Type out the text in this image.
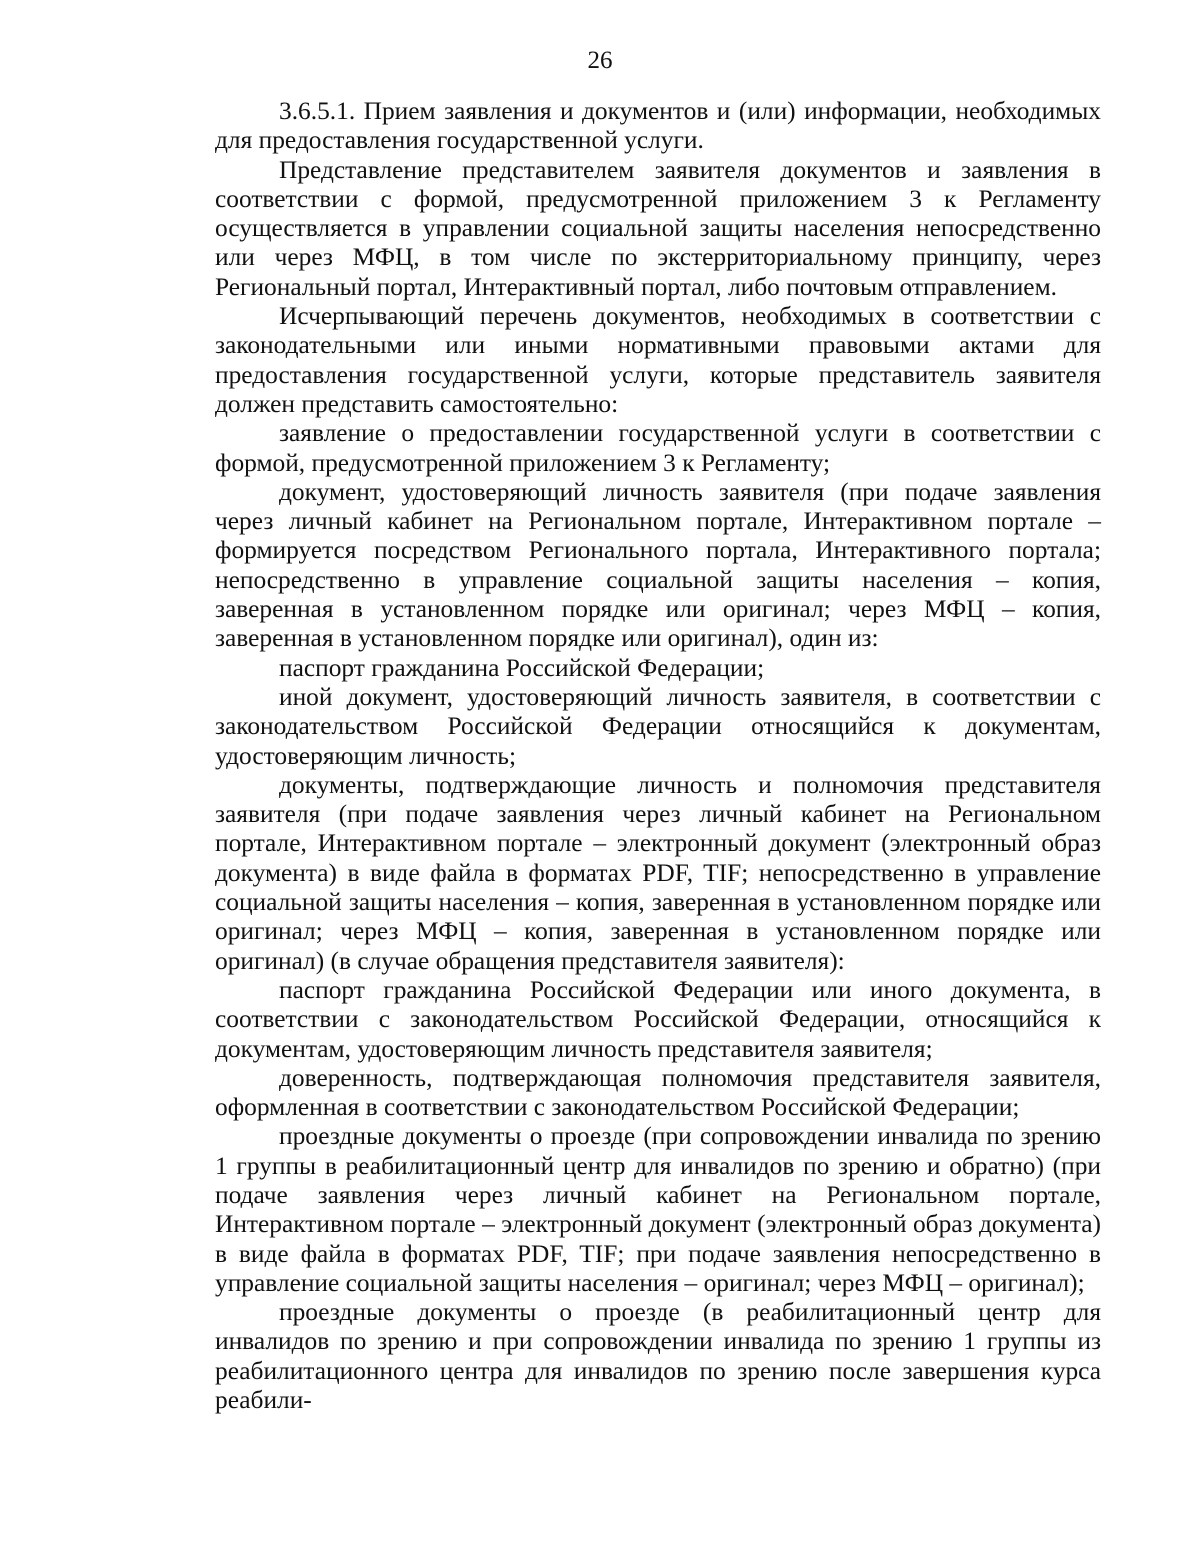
26

3.6.5.1. Прием заявления и документов и (или) информации, необходимых для предоставления государственной услуги.

Представление представителем заявителя документов и заявления в соответствии с формой, предусмотренной приложением 3 к Регламенту осуществляется в управлении социальной защиты населения непосредственно или через МФЦ, в том числе по экстерриториальному принципу, через Региональный портал, Интерактивный портал, либо почтовым отправлением.

Исчерпывающий перечень документов, необходимых в соответствии с законодательными или иными нормативными правовыми актами для предоставления государственной услуги, которые представитель заявителя должен представить самостоятельно:

заявление о предоставлении государственной услуги в соответствии с формой, предусмотренной приложением 3 к Регламенту;

документ, удостоверяющий личность заявителя (при подаче заявления через личный кабинет на Региональном портале, Интерактивном портале – формируется посредством Регионального портала, Интерактивного портала; непосредственно в управление социальной защиты населения – копия, заверенная в установленном порядке или оригинал; через МФЦ – копия, заверенная в установленном порядке или оригинал), один из:

паспорт гражданина Российской Федерации;

иной документ, удостоверяющий личность заявителя, в соответствии с законодательством Российской Федерации относящийся к документам, удостоверяющим личность;

документы, подтверждающие личность и полномочия представителя заявителя (при подаче заявления через личный кабинет на Региональном портале, Интерактивном портале – электронный документ (электронный образ документа) в виде файла в форматах PDF, TIF; непосредственно в управление социальной защиты населения – копия, заверенная в установленном порядке или оригинал; через МФЦ – копия, заверенная в установленном порядке или оригинал) (в случае обращения представителя заявителя):

паспорт гражданина Российской Федерации или иного документа, в соответствии с законодательством Российской Федерации, относящийся к документам, удостоверяющим личность представителя заявителя;

доверенность, подтверждающая полномочия представителя заявителя, оформленная в соответствии с законодательством Российской Федерации;

проездные документы о проезде (при сопровождении инвалида по зрению 1 группы в реабилитационный центр для инвалидов по зрению и обратно) (при подаче заявления через личный кабинет на Региональном портале, Интерактивном портале – электронный документ (электронный образ документа) в виде файла в форматах PDF, TIF; при подаче заявления непосредственно в управление социальной защиты населения – оригинал; через МФЦ – оригинал);

проездные документы о проезде (в реабилитационный центр для инвалидов по зрению и при сопровождении инвалида по зрению 1 группы из реабилитационного центра для инвалидов по зрению после завершения курса реабили-
